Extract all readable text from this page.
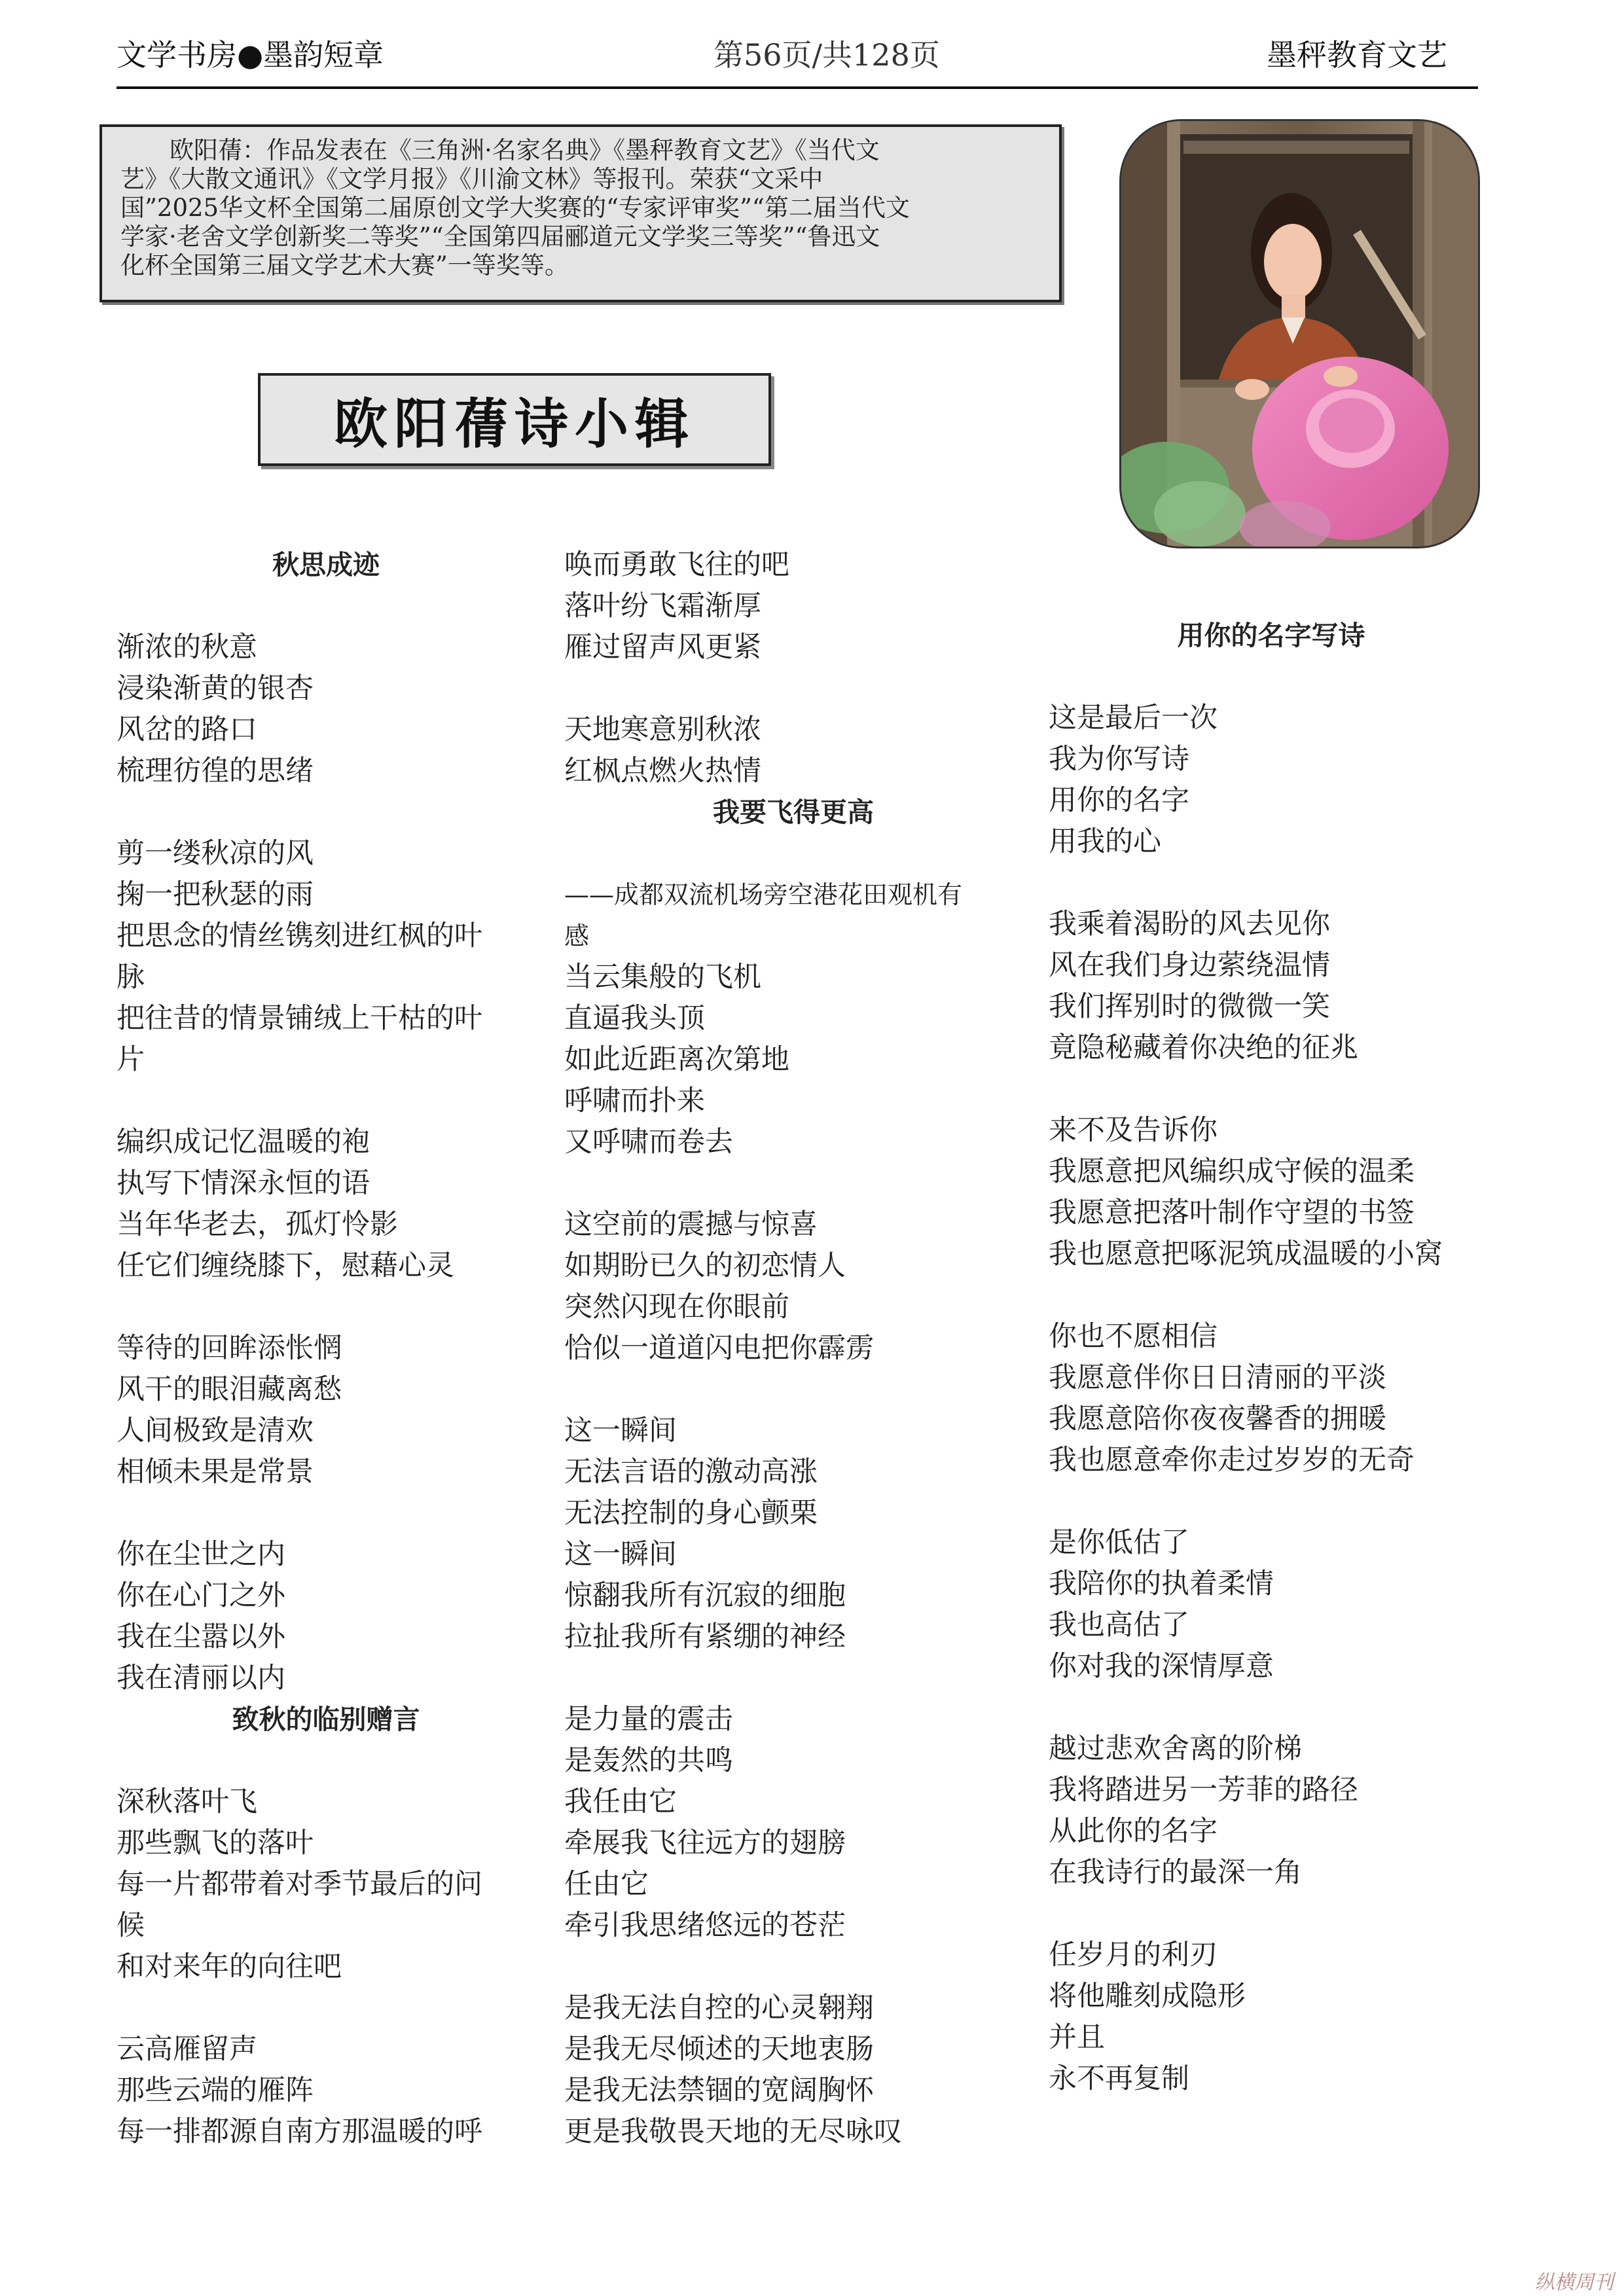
文学书房●墨韵短章	第56页/共128页	墨秤教育文艺
欧阳蒨：作品发表在《三角洲·名家名典》《墨秤教育文艺》《当代文
艺》《大散文通讯》《文学月报》《川渝文林》等报刊。荣获“文采中
国”2025华文杯全国第二届原创文学大奖赛的“专家评审奖”“第二届当代文
学家·老舍文学创新奖二等奖”“全国第四届郦道元文学奖三等奖”“鲁迅文
化杯全国第三届文学艺术大赛”一等奖等。
欧阳蒨诗小辑
秋思成迹
渐浓的秋意
浸染渐黄的银杏
风岔的路口
梳理彷徨的思绪
剪一缕秋凉的风
掬一把秋瑟的雨
把思念的情丝镌刻进红枫的叶
脉
把往昔的情景铺绒上干枯的叶
片
编织成记忆温暖的袍
执写下情深永恒的语
当年华老去，孤灯怜影
任它们缠绕膝下，慰藉心灵
等待的回眸添怅惘
风干的眼泪藏离愁
人间极致是清欢
相倾未果是常景
你在尘世之内
你在心门之外
我在尘嚣以外
我在清丽以内
致秋的临别赠言
深秋落叶飞
那些飘飞的落叶
每一片都带着对季节最后的问
候
和对来年的向往吧
云高雁留声
那些云端的雁阵
每一排都源自南方那温暖的呼
唤而勇敢飞往的吧
落叶纷飞霜渐厚
雁过留声风更紧
天地寒意别秋浓
红枫点燃火热情
我要飞得更高
——成都双流机场旁空港花田观机有
感
当云集般的飞机
直逼我头顶
如此近距离次第地
呼啸而扑来
又呼啸而卷去
这空前的震撼与惊喜
如期盼已久的初恋情人
突然闪现在你眼前
恰似一道道闪电把你霹雳
这一瞬间
无法言语的激动高涨
无法控制的身心颤栗
这一瞬间
惊翻我所有沉寂的细胞
拉扯我所有紧绷的神经
是力量的震击
是轰然的共鸣
我任由它
牵展我飞往远方的翅膀
任由它
牵引我思绪悠远的苍茫
是我无法自控的心灵翱翔
是我无尽倾述的天地衷肠
是我无法禁锢的宽阔胸怀
更是我敬畏天地的无尽咏叹
用你的名字写诗
这是最后一次
我为你写诗
用你的名字
用我的心
我乘着渴盼的风去见你
风在我们身边萦绕温情
我们挥别时的微微一笑
竟隐秘藏着你决绝的征兆
来不及告诉你
我愿意把风编织成守候的温柔
我愿意把落叶制作守望的书签
我也愿意把啄泥筑成温暖的小窝
你也不愿相信
我愿意伴你日日清丽的平淡
我愿意陪你夜夜馨香的拥暖
我也愿意牵你走过岁岁的无奇
是你低估了
我陪你的执着柔情
我也高估了
你对我的深情厚意
越过悲欢舍离的阶梯
我将踏进另一芳菲的路径
从此你的名字
在我诗行的最深一角
任岁月的利刃
将他雕刻成隐形
并且
永不再复制
纵横周刊
